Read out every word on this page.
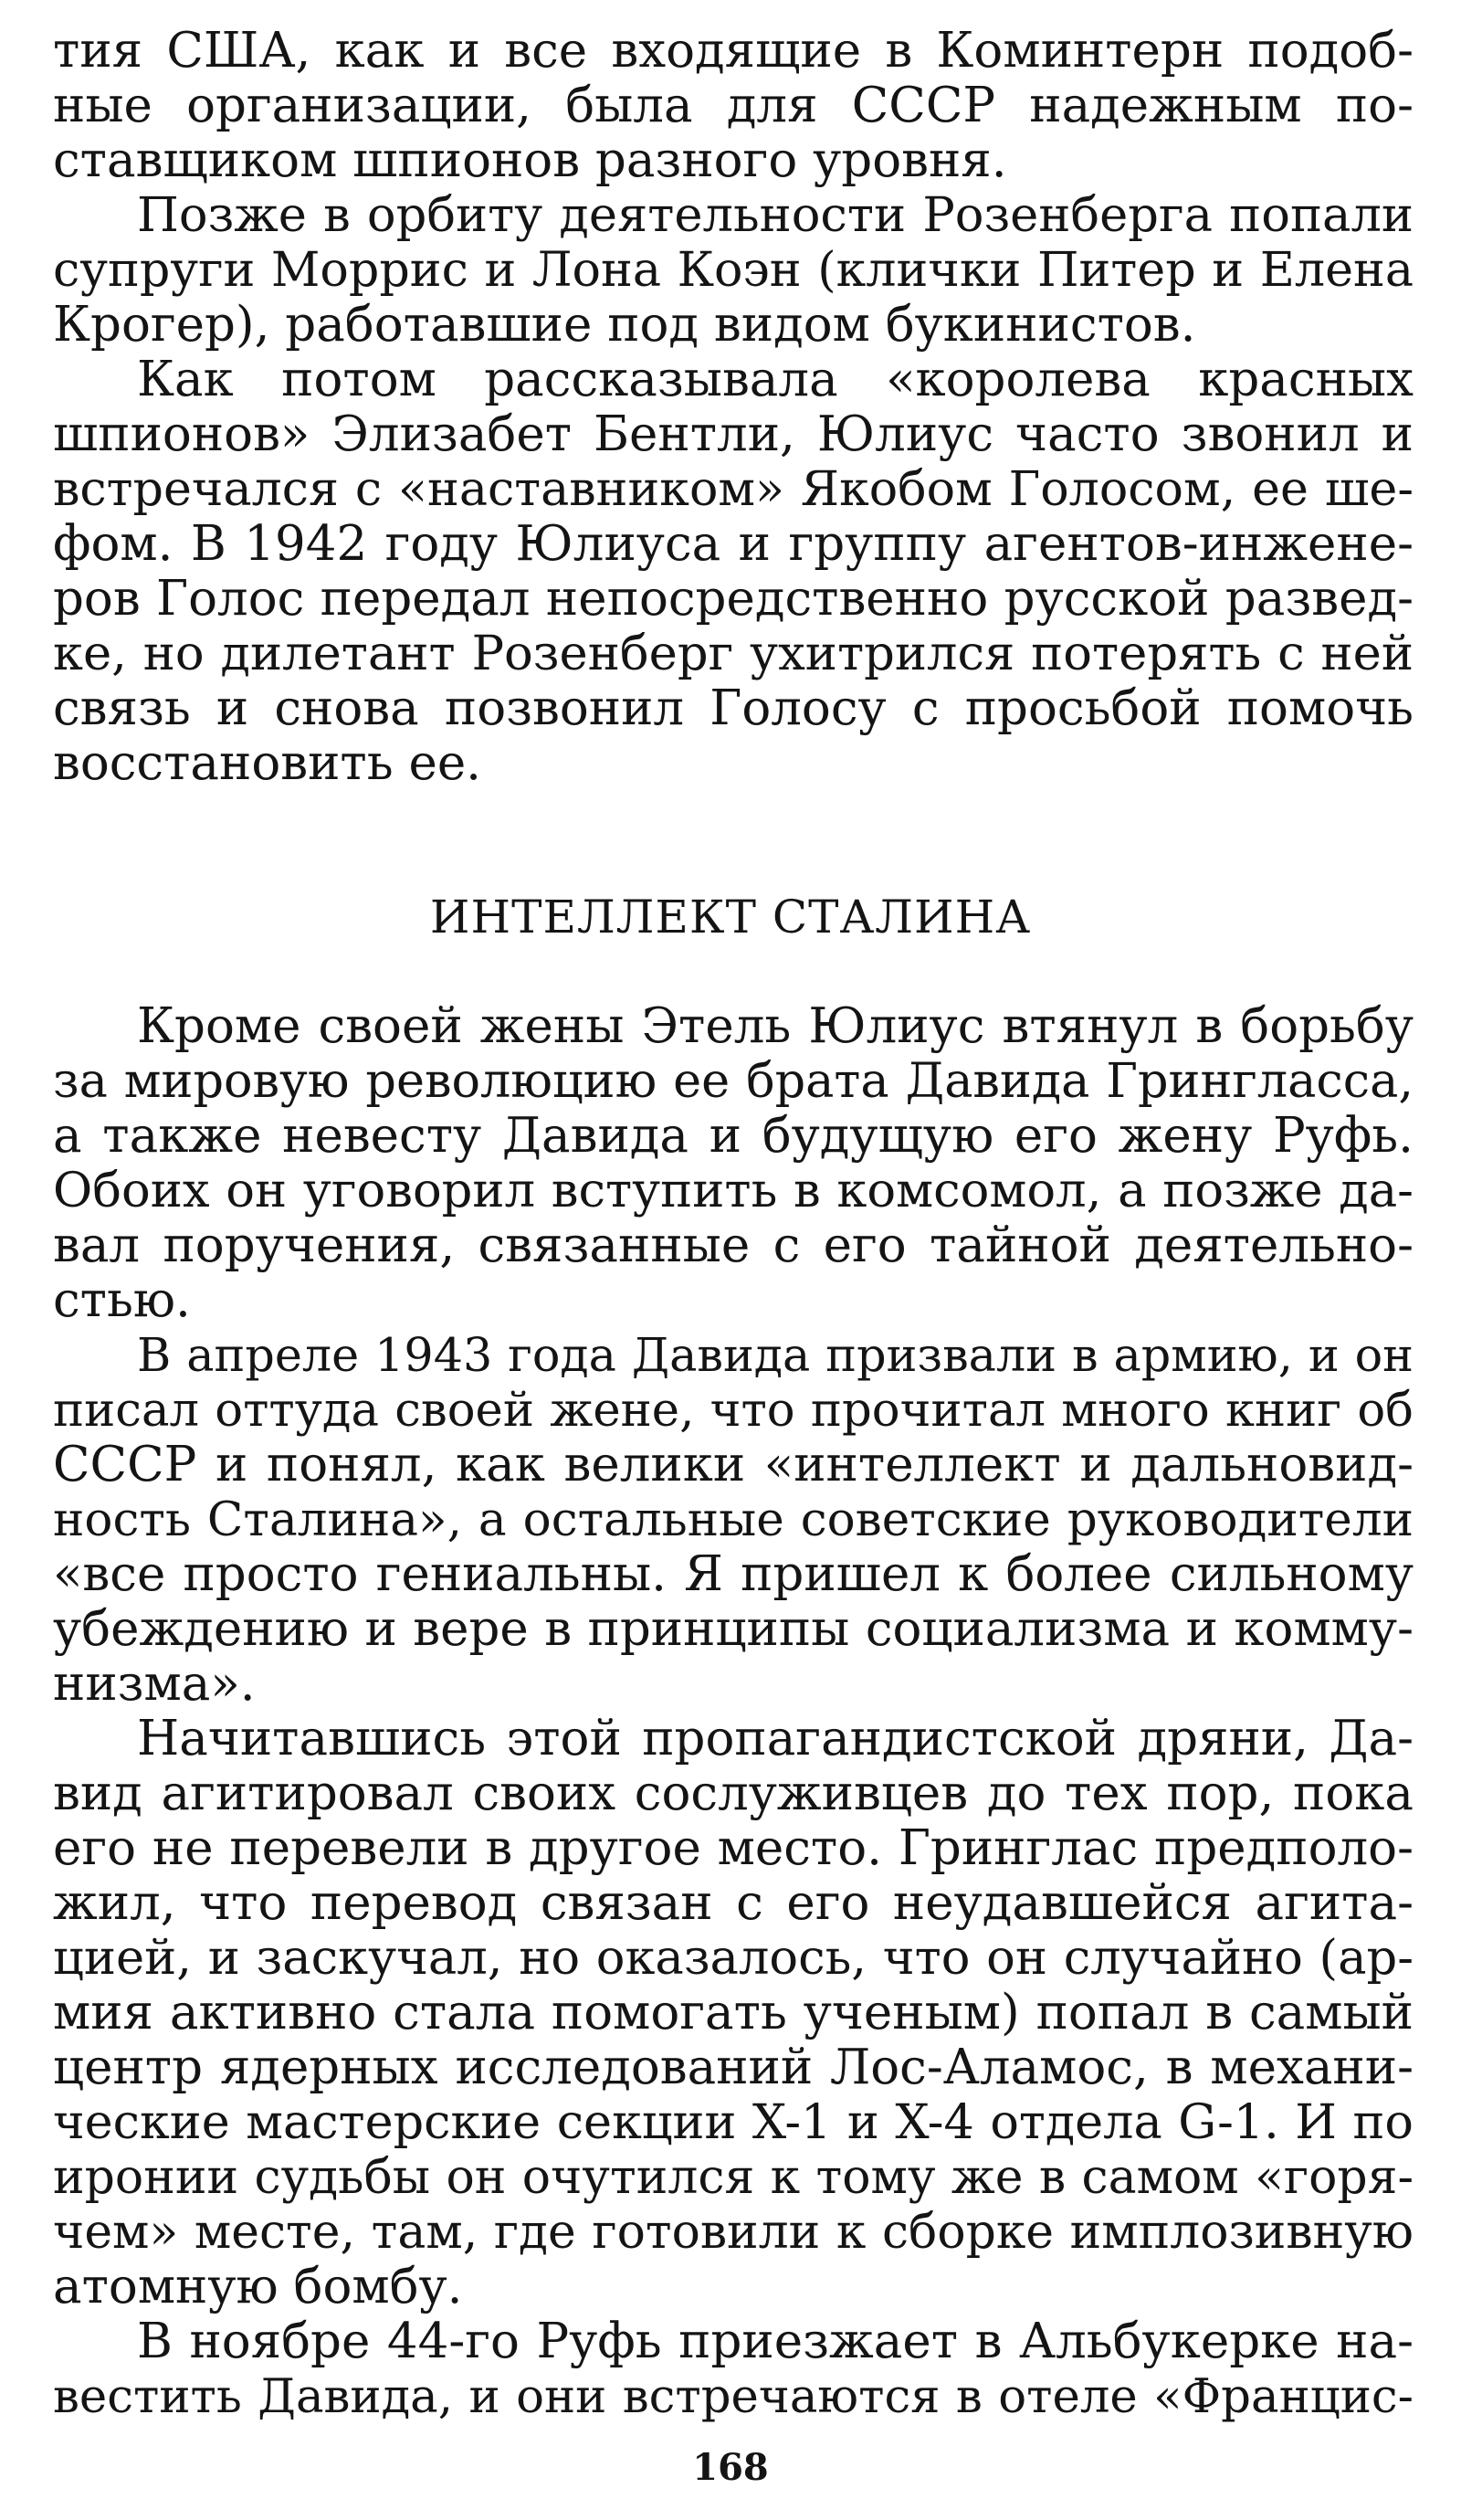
тия США, как и все входящие в Коминтерн подоб-
ные организации, была для СССР надежным по-
ставщиком шпионов разного уровня.
Позже в орбиту деятельности Розенберга попали
супруги Моррис и Лона Коэн (клички Питер и Елена
Крогер), работавшие под видом букинистов.
Как потом рассказывала «королева красных
шпионов» Элизабет Бентли, Юлиус часто звонил и
встречался с «наставником» Якобом Голосом, ее ше-
фом. В 1942 году Юлиуса и группу агентов-инжене-
ров Голос передал непосредственно русской развед-
ке, но дилетант Розенберг ухитрился потерять с ней
связь и снова позвонил Голосу с просьбой помочь
восстановить ее.
ИНТЕЛЛЕКТ СТАЛИНА
Кроме своей жены Этель Юлиус втянул в борьбу
за мировую революцию ее брата Давида Грингласса,
а также невесту Давида и будущую его жену Руфь.
Обоих он уговорил вступить в комсомол, а позже да-
вал поручения, связанные с его тайной деятельно-
стью.
В апреле 1943 года Давида призвали в армию, и он
писал оттуда своей жене, что прочитал много книг об
СССР и понял, как велики «интеллект и дальновид-
ность Сталина», а остальные советские руководители
«все просто гениальны. Я пришел к более сильному
убеждению и вере в принципы социализма и комму-
низма».
Начитавшись этой пропагандистской дряни, Да-
вид агитировал своих сослуживцев до тех пор, пока
его не перевели в другое место. Гринглас предполо-
жил, что перевод связан с его неудавшейся агита-
цией, и заскучал, но оказалось, что он случайно (ар-
мия активно стала помогать ученым) попал в самый
центр ядерных исследований Лос-Аламос, в механи-
ческие мастерские секции X-1 и X-4 отдела G-1. И по
иронии судьбы он очутился к тому же в самом «горя-
чем» месте, там, где готовили к сборке имплозивную
атомную бомбу.
В ноябре 44-го Руфь приезжает в Альбукерке на-
вестить Давида, и они встречаются в отеле «Францис-
168
